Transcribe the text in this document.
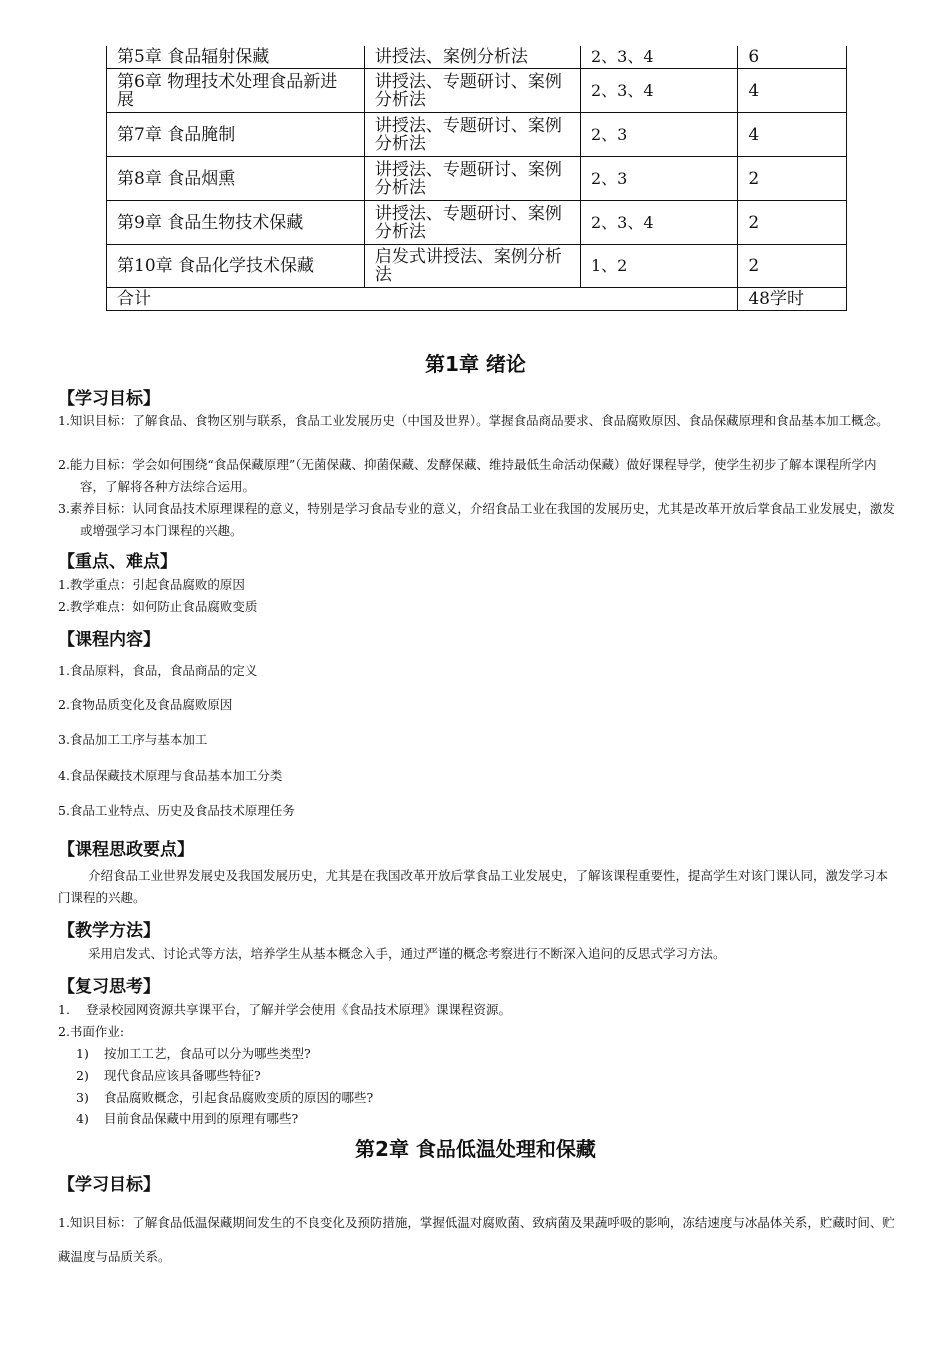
第5章 食品辐射保藏	讲授法、案例分析法	2、3、4	6
第6章 物理技术处理食品新进展	讲授法、专题研讨、案例分析法	2、3、4	4
第7章 食品腌制	讲授法、专题研讨、案例分析法	2、3	4
第8章 食品烟熏	讲授法、专题研讨、案例分析法	2、3	2
第9章 食品生物技术保藏	讲授法、专题研讨、案例分析法	2、3、4	2
第10章 食品化学技术保藏	启发式讲授法、案例分析法	1、2	2
合计			48学时
第1章 绪论

【学习目标】

1.知识目标：了解食品、食物区别与联系，食品工业发展历史（中国及世界）。掌握食品商品要求、食品腐败原因、食品保藏原理和食品基本加工概念。

2.能力目标：学会如何围绕“食品保藏原理”（无菌保藏、抑菌保藏、发酵保藏、维持最低生命活动保藏）做好课程导学，使学生初步了解本课程所学内容，了解将各种方法综合运用。

3.素养目标：认同食品技术原理课程的意义，特别是学习食品专业的意义，介绍食品工业在我国的发展历史，尤其是改革开放后掌食品工业发展史，激发或增强学习本门课程的兴趣。

【重点、难点】

1.教学重点：引起食品腐败的原因

2.教学难点：如何防止食品腐败变质

【课程内容】

1.食品原料，食品，食品商品的定义

2.食物品质变化及食品腐败原因

3.食品加工工序与基本加工

4.食品保藏技术原理与食品基本加工分类

5.食品工业特点、历史及食品技术原理任务

【课程思政要点】

介绍食品工业世界发展史及我国发展历史，尤其是在我国改革开放后掌食品工业发展史，了解该课程重要性，提高学生对该门课认同，激发学习本门课程的兴趣。

【教学方法】

采用启发式、讨论式等方法，培养学生从基本概念入手，通过严谨的概念考察进行不断深入追问的反思式学习方法。

【复习思考】

1. 登录校园网资源共享课平台，了解并学会使用《食品技术原理》课课程资源。

2.书面作业:

1) 按加工工艺，食品可以分为哪些类型?

2) 现代食品应该具备哪些特征?

3) 食品腐败概念，引起食品腐败变质的原因的哪些?

4) 目前食品保藏中用到的原理有哪些?

第2章 食品低温处理和保藏

【学习目标】

1.知识目标：了解食品低温保藏期间发生的不良变化及预防措施，掌握低温对腐败菌、致病菌及果蔬呼吸的影响，冻结速度与冰晶体关系，贮藏时间、贮藏温度与品质关系。
